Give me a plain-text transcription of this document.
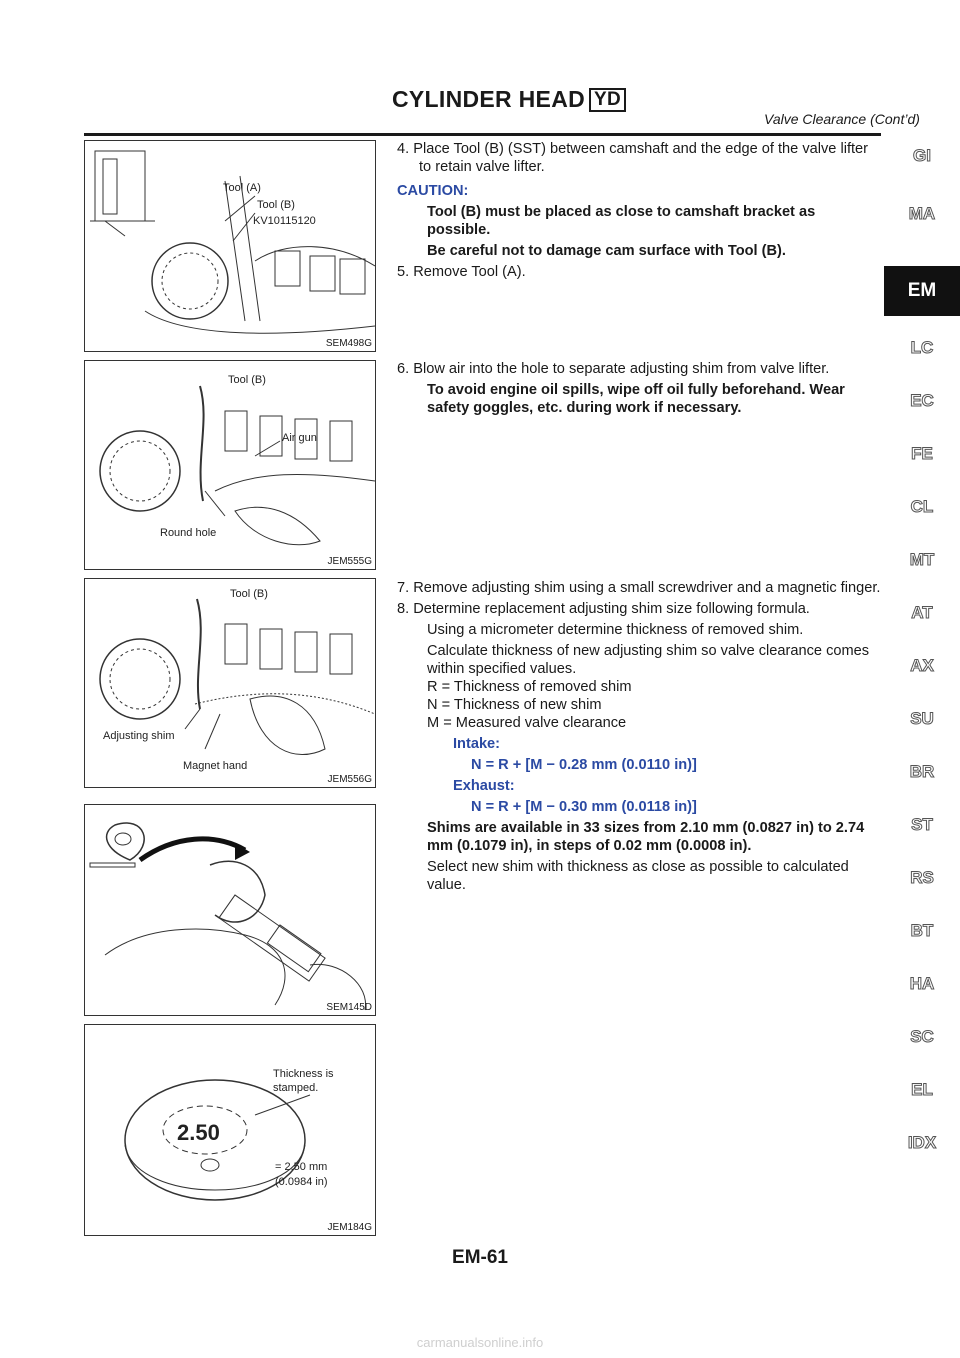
CYLINDER HEAD YD
Valve Clearance (Cont’d)
Tool (A)
Tool (B)
KV10115120
SEM498G
Tool (B)
Air gun
Round hole
JEM555G
Tool (B)
Adjusting shim
Magnet hand
JEM556G
SEM145D
2.50
Thickness is
stamped.
= 2.50 mm
(0.0984 in)
JEM184G

4. Place Tool (B) (SST) between camshaft and the edge of the valve lifter to retain valve lifter.

CAUTION:

Tool (B) must be placed as close to camshaft bracket as possible.

Be careful not to damage cam surface with Tool (B).

5. Remove Tool (A).

6. Blow air into the hole to separate adjusting shim from valve lifter.

To avoid engine oil spills, wipe off oil fully beforehand. Wear safety goggles, etc. during work if necessary.

7. Remove adjusting shim using a small screwdriver and a magnetic finger.

8. Determine replacement adjusting shim size following formula.

Using a micrometer determine thickness of removed shim.

Calculate thickness of new adjusting shim so valve clearance comes within specified values.

R = Thickness of removed shim

N = Thickness of new shim

M = Measured valve clearance

Intake:

N = R + [M − 0.28 mm (0.0110 in)]

Exhaust:

N = R + [M − 0.30 mm (0.0118 in)]

Shims are available in 33 sizes from 2.10 mm (0.0827 in) to 2.74 mm (0.1079 in), in steps of 0.02 mm (0.0008 in).

Select new shim with thickness as close as possible to calculated value.

GI
MA
EM
LC
EC
FE
CL
MT
AT
AX
SU
BR
ST
RS
BT
HA
SC
EL
IDX
EM-61
carmanualsonline.info
